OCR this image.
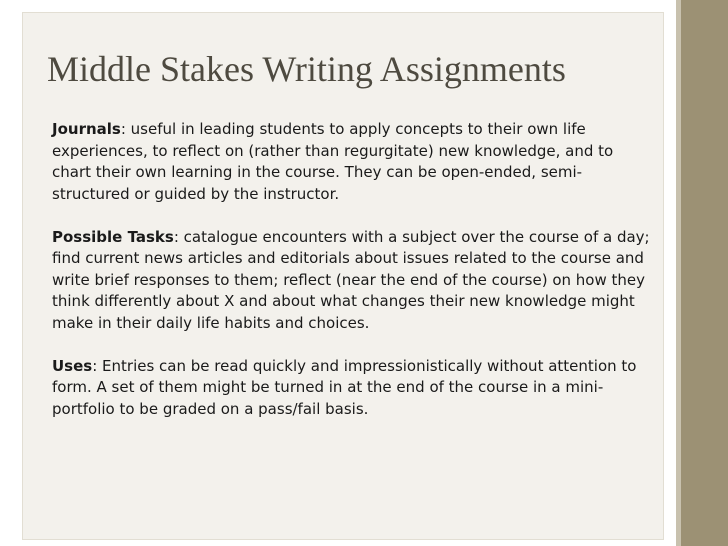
Middle Stakes Writing Assignments

Journals: useful in leading students to apply concepts to their own life experiences, to reflect on (rather than regurgitate) new knowledge, and to chart their own learning in the course. They can be open-ended, semi-structured or guided by the instructor.

Possible Tasks: catalogue encounters with a subject over the course of a day; find current news articles and editorials about issues related to the course and write brief responses to them; reflect (near the end of the course) on how they think differently about X and about what changes their new knowledge might make in their daily life habits and choices.

Uses: Entries can be read quickly and impressionistically without attention to form. A set of them might be turned in at the end of the course in a mini-portfolio to be graded on a pass/fail basis.
